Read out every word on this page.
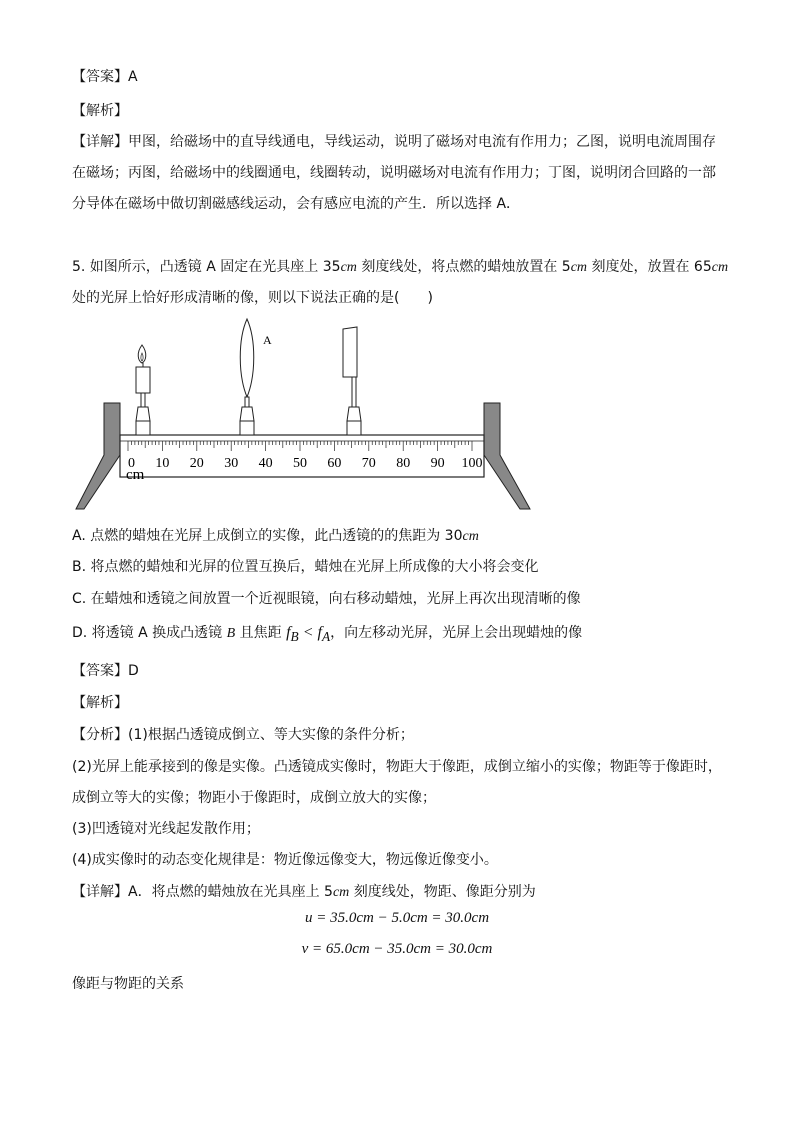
【答案】A
【解析】
【详解】甲图，给磁场中的直导线通电，导线运动，说明了磁场对电流有作用力；乙图，说明电流周围存
在磁场；丙图，给磁场中的线圈通电，线圈转动，说明磁场对电流有作用力；丁图，说明闭合回路的一部
分导体在磁场中做切割磁感线运动，会有感应电流的产生．所以选择 A．
5. 如图所示，凸透镜 A 固定在光具座上 35cm 刻度线处，将点燃的蜡烛放置在 5cm 刻度处，放置在 65cm
处的光屏上恰好形成清晰的像，则以下说法正确的是(　　)
0 10 20 30 40 50 60 70 80 90 100
cm
A
A. 点燃的蜡烛在光屏上成倒立的实像，此凸透镜的的焦距为 30cm
B. 将点燃的蜡烛和光屏的位置互换后，蜡烛在光屏上所成像的大小将会变化
C. 在蜡烛和透镜之间放置一个近视眼镜，向右移动蜡烛，光屏上再次出现清晰的像
D. 将透镜 A 换成凸透镜 B 且焦距 $f_B < f_A$，向左移动光屏，光屏上会出现蜡烛的像
【答案】D
【解析】
【分析】(1)根据凸透镜成倒立、等大实像的条件分析；
(2)光屏上能承接到的像是实像。凸透镜成实像时，物距大于像距，成倒立缩小的实像；物距等于像距时，
成倒立等大的实像；物距小于像距时，成倒立放大的实像；
(3)凹透镜对光线起发散作用；
(4)成实像时的动态变化规律是：物近像远像变大，物远像近像变小。
【详解】A．将点燃的蜡烛放在光具座上 5cm 刻度线处，物距、像距分别为
u = 35.0cm − 5.0cm = 30.0cm
v = 65.0cm − 35.0cm = 30.0cm
像距与物距的关系
